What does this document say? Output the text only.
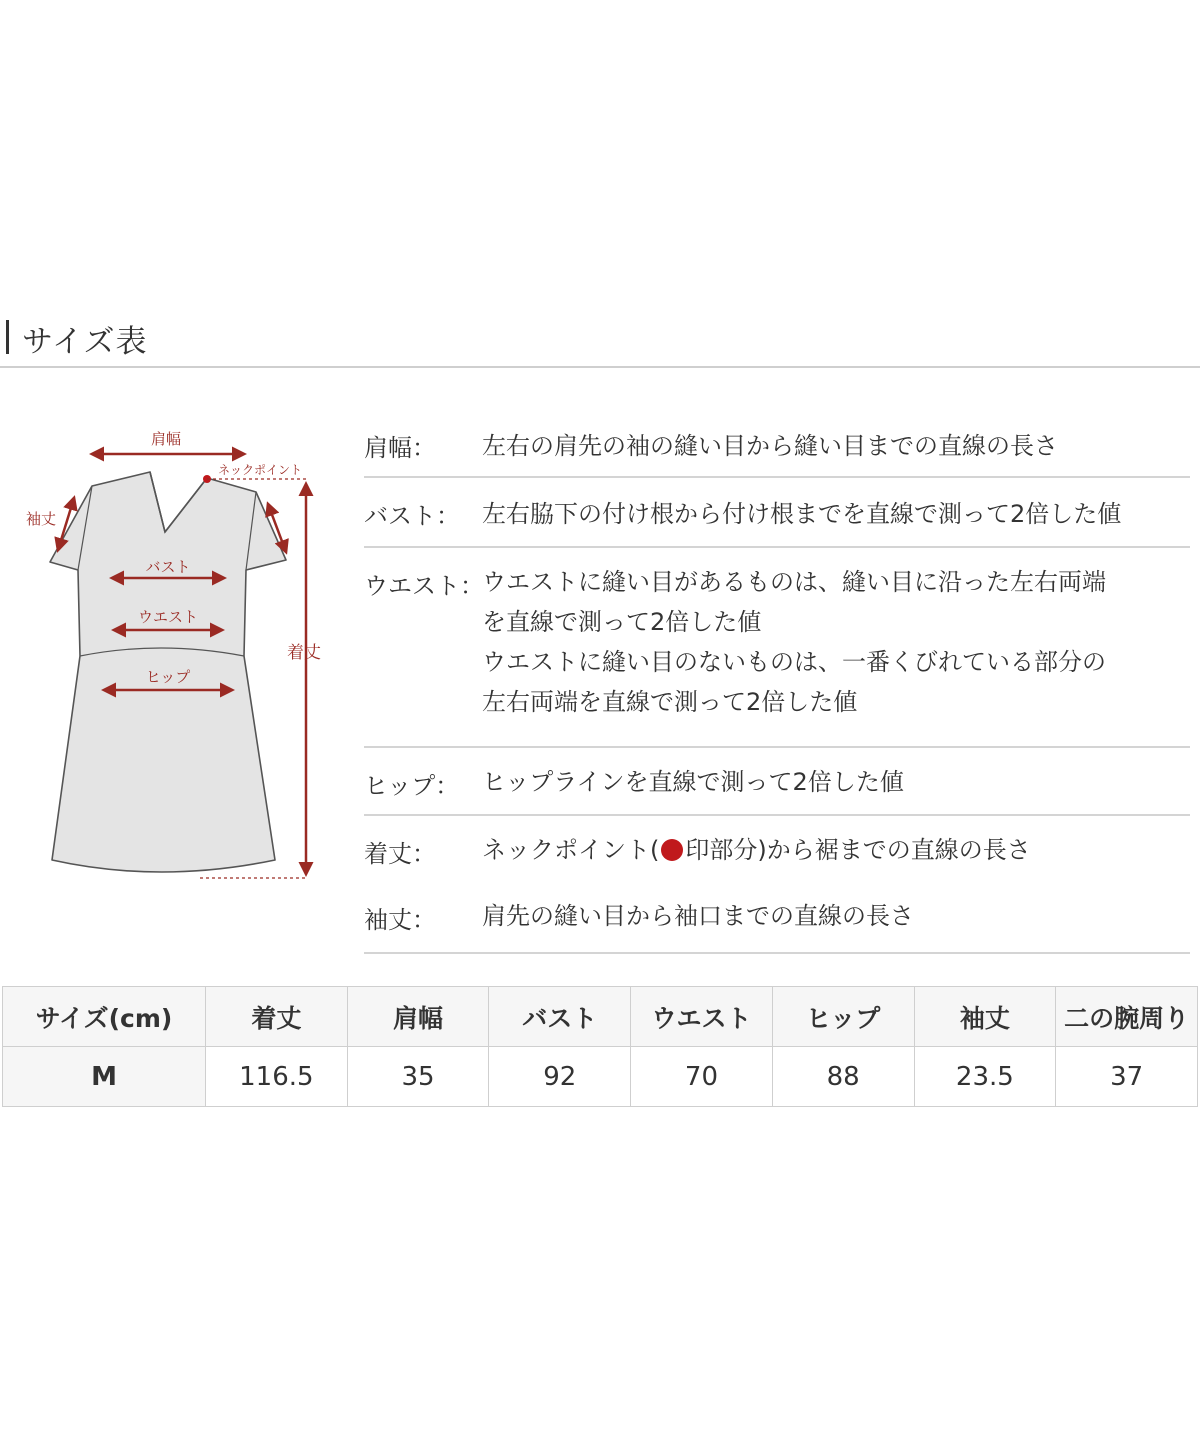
サイズ表
肩幅
ネックポイント
袖丈
バスト
ウエスト
ヒップ
着丈
肩幅： 左右の肩先の袖の縫い目から縫い目までの直線の長さ
バスト： 左右脇下の付け根から付け根までを直線で測って2倍した値
ウエスト：
ウエストに縫い目があるものは、縫い目に沿った左右両端
を直線で測って2倍した値
ウエストに縫い目のないものは、一番くびれている部分の
左右両端を直線で測って2倍した値
ヒップ： ヒップラインを直線で測って2倍した値
着丈： ネックポイント( 印部分)から裾までの直線の長さ
袖丈： 肩先の縫い目から袖口までの直線の長さ
サイズ(cm)	着丈	肩幅	バスト	ウエスト	ヒップ	袖丈	二の腕周り
M	116.5	35	92	70	88	23.5	37
